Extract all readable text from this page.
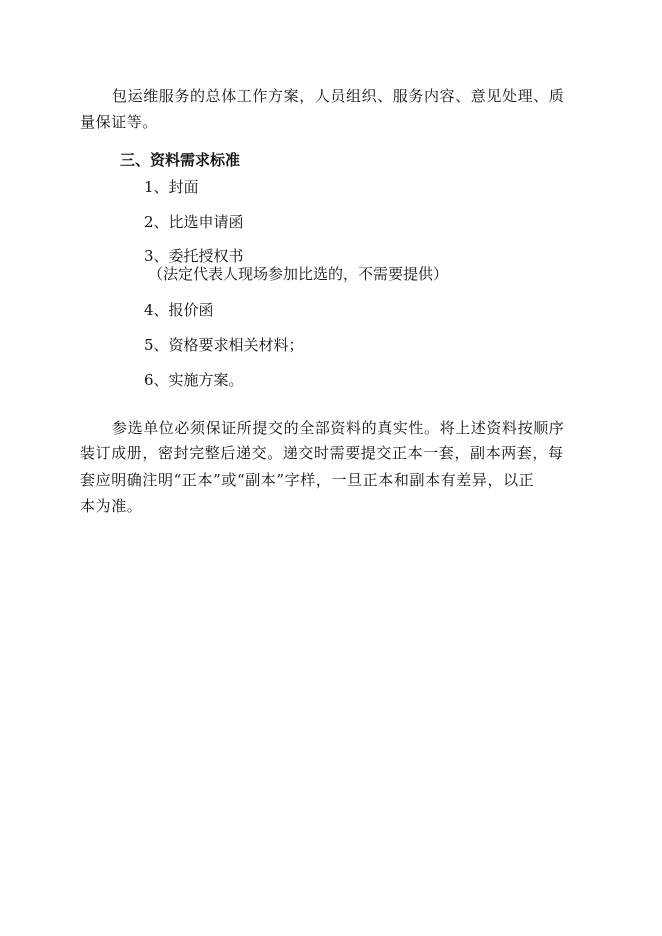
包运维服务的总体工作方案，人员组织、服务内容、意见处理、质
量保证等。
三、资料需求标准
1、封面
2、比选申请函
3、委托授权书
（法定代表人现场参加比选的，不需要提供）
4、报价函
5、资格要求相关材料；
6、实施方案。
参选单位必须保证所提交的全部资料的真实性。将上述资料按顺序
装订成册，密封完整后递交。递交时需要提交正本一套，副本两套，每
套应明确注明“正本”或“副本”字样，一旦正本和副本有差异，以正
本为准。
